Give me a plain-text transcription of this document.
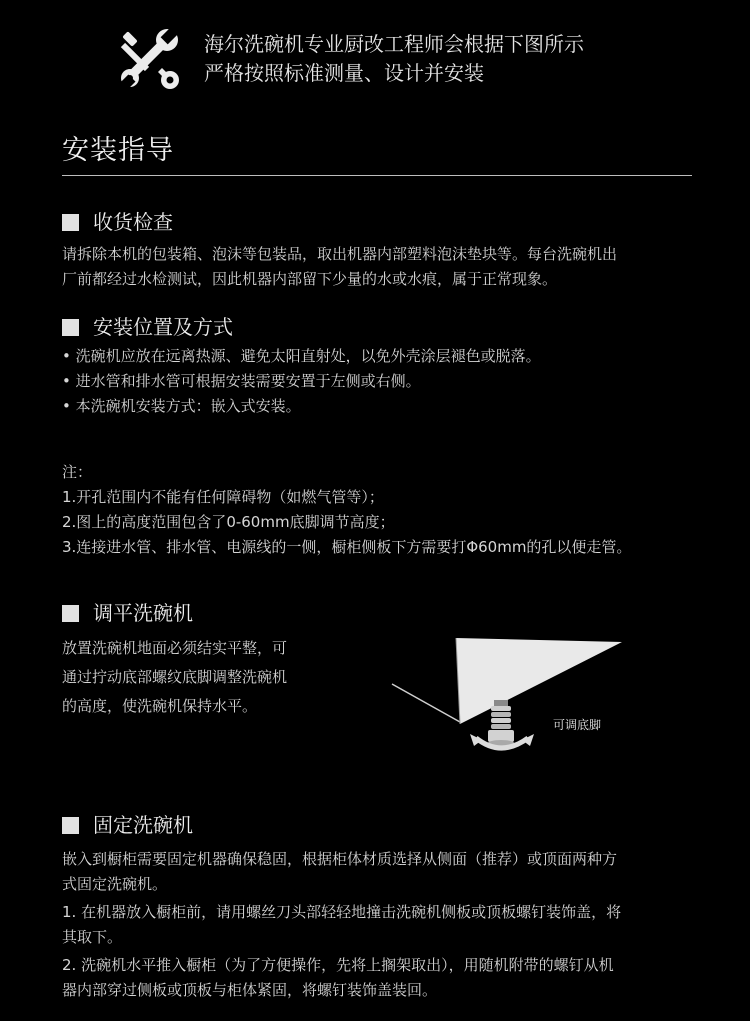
海尔洗碗机专业厨改工程师会根据下图所示
严格按照标准测量、设计并安装
安装指导
收货检查

请拆除本机的包装箱、泡沫等包装品，取出机器内部塑料泡沫垫块等。每台洗碗机出

厂前都经过水检测试，因此机器内部留下少量的水或水痕，属于正常现象。

安装位置及方式

• 洗碗机应放在远离热源、避免太阳直射处，以免外壳涂层褪色或脱落。

• 进水管和排水管可根据安装需要安置于左侧或右侧。

• 本洗碗机安装方式：嵌入式安装。

注：

1.开孔范围内不能有任何障碍物（如燃气管等）；

2.图上的高度范围包含了0-60mm底脚调节高度；

3.连接进水管、排水管、电源线的一侧，橱柜侧板下方需要打Φ60mm的孔以便走管。

调平洗碗机

放置洗碗机地面必须结实平整，可

通过拧动底部螺纹底脚调整洗碗机

的高度，使洗碗机保持水平。

可调底脚
固定洗碗机

嵌入到橱柜需要固定机器确保稳固，根据柜体材质选择从侧面（推荐）或顶面两种方

式固定洗碗机。

1. 在机器放入橱柜前，请用螺丝刀头部轻轻地撞击洗碗机侧板或顶板螺钉装饰盖，将

其取下。

2. 洗碗机水平推入橱柜（为了方便操作，先将上搁架取出），用随机附带的螺钉从机

器内部穿过侧板或顶板与柜体紧固，将螺钉装饰盖装回。
